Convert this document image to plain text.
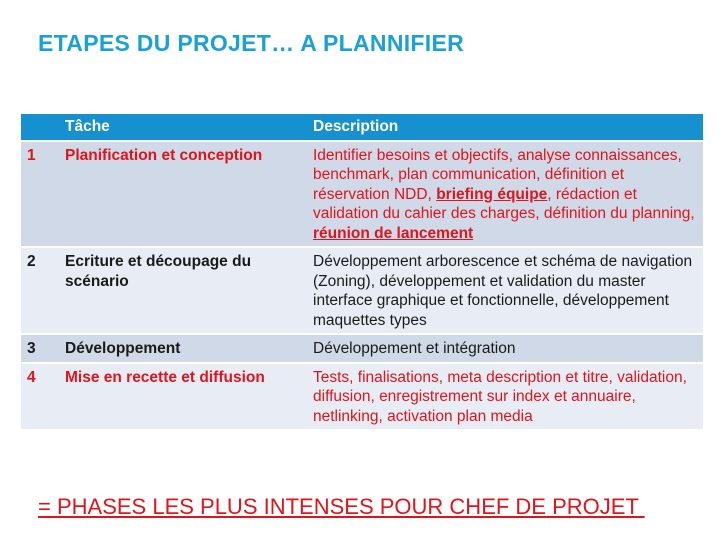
ETAPES DU PROJET… A PLANNIFIER
	Tâche	Description
1	Planification et conception	Identifier besoins et objectifs, analyse connaissances, benchmark, plan communication, définition et réservation NDD, briefing équipe, rédaction et validation du cahier des charges, définition du planning, réunion de lancement
2	Ecriture et découpage du scénario	Développement arborescence et schéma de navigation (Zoning), développement et validation du master interface graphique et fonctionnelle, développement maquettes types
3	Développement	Développement et intégration
4	Mise en recette et diffusion	Tests, finalisations, meta description et titre, validation, diffusion, enregistrement sur index et annuaire, netlinking, activation plan media
= PHASES LES PLUS INTENSES POUR CHEF DE PROJET
